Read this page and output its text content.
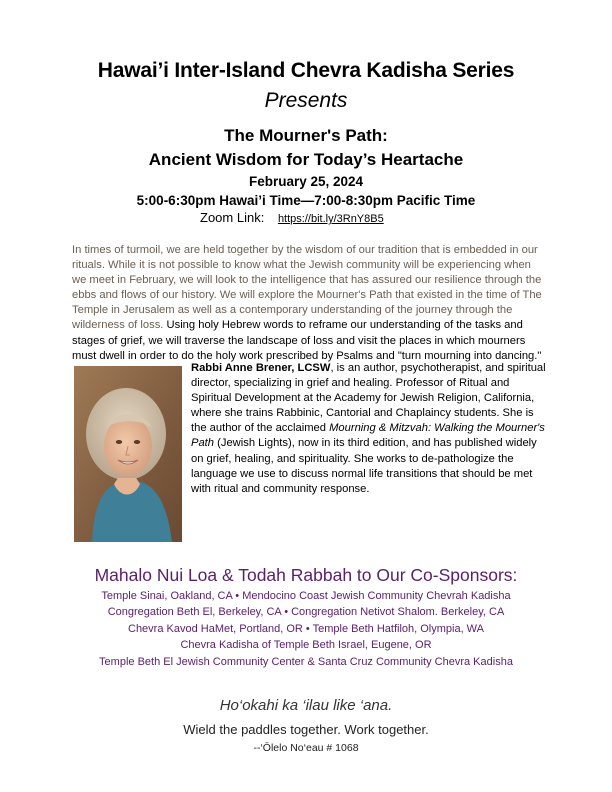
Hawai’i Inter-Island Chevra Kadisha Series
Presents
The Mourner's Path:
Ancient Wisdom for Today’s Heartache
February 25, 2024
5:00-6:30pm Hawai’i Time—7:00-8:30pm Pacific Time
Zoom Link: https://bit.ly/3RnY8B5
In times of turmoil, we are held together by the wisdom of our tradition that is embedded in our rituals. While it is not possible to know what the Jewish community will be experiencing when we meet in February, we will look to the intelligence that has assured our resilience through the ebbs and flows of our history. We will explore the Mourner's Path that existed in the time of The Temple in Jerusalem as well as a contemporary understanding of the journey through the wilderness of loss. Using holy Hebrew words to reframe our understanding of the tasks and stages of grief, we will traverse the landscape of loss and visit the places in which mourners must dwell in order to do the holy work prescribed by Psalms and "turn mourning into dancing."
Rabbi Anne Brener, LCSW, is an author, psychotherapist, and spiritual director, specializing in grief and healing. Professor of Ritual and Spiritual Development at the Academy for Jewish Religion, California, where she trains Rabbinic, Cantorial and Chaplaincy students. She is the author of the acclaimed Mourning & Mitzvah: Walking the Mourner's Path (Jewish Lights), now in its third edition, and has published widely on grief, healing, and spirituality. She works to de-pathologize the language we use to discuss normal life transitions that should be met with ritual and community response.
Mahalo Nui Loa & Todah Rabbah to Our Co-Sponsors:
Temple Sinai, Oakland, CA • Mendocino Coast Jewish Community Chevrah Kadisha
Congregation Beth El, Berkeley, CA • Congregation Netivot Shalom. Berkeley, CA
Chevra Kavod HaMet, Portland, OR • Temple Beth Hatfiloh, Olympia, WA
Chevra Kadisha of Temple Beth Israel, Eugene, OR
Temple Beth El Jewish Community Center & Santa Cruz Community Chevra Kadisha
Ho‘okahi ka ‘ilau like ‘ana.
Wield the paddles together. Work together.
--‘Ōlelo No‘eau # 1068
